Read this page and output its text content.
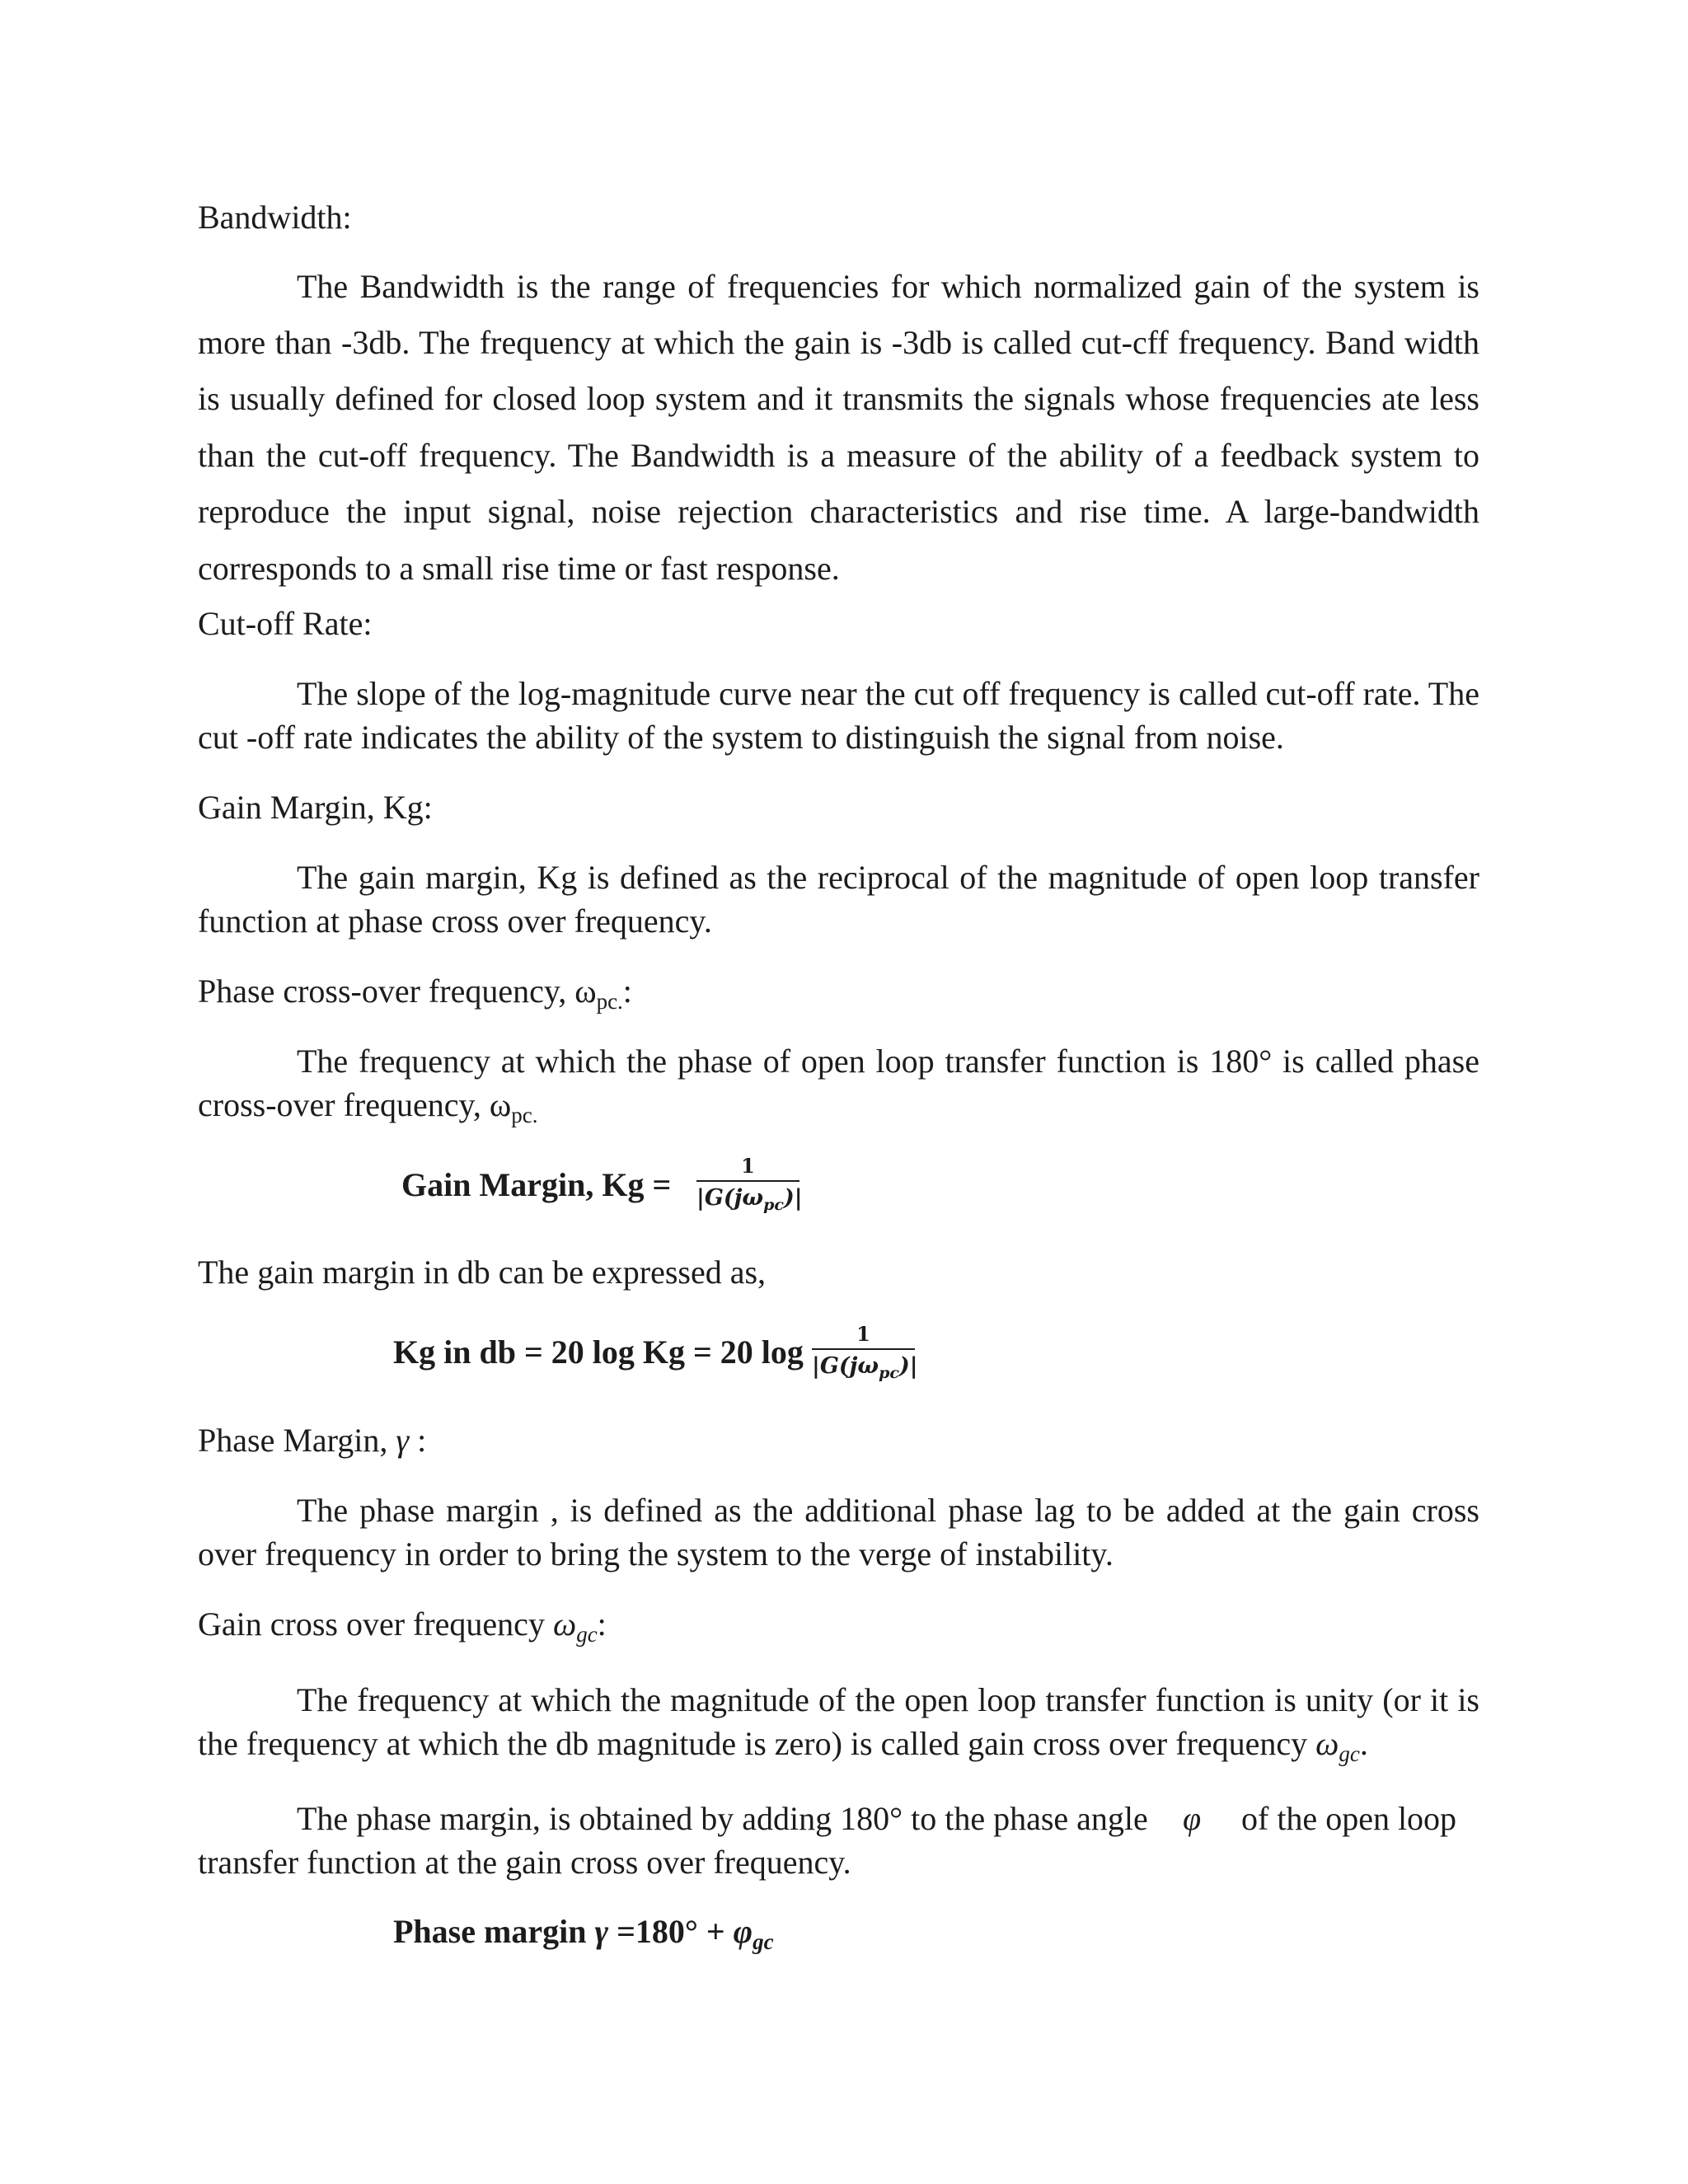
Bandwidth:
The Bandwidth is the range of frequencies for which normalized gain of the system is
more than -3db. The frequency at which the gain is -3db is called cut-cff frequency. Band width
is usually defined for closed loop system and it transmits the signals whose frequencies ate less
than the cut-off frequency. The Bandwidth is a measure of the ability of a feedback system to
reproduce the input signal, noise rejection characteristics and rise time. A large-bandwidth
corresponds to a small rise time or fast response.
Cut-off Rate:
The slope of the log-magnitude curve near the cut off frequency is called cut-off rate. The
cut -off rate indicates the ability of the system to distinguish the signal from noise.
Gain Margin, Kg:
The gain margin, Kg is defined as the reciprocal of the magnitude of open loop transfer
function at phase cross over frequency.
Phase cross-over frequency, $\omega_{pc.}$:
The frequency at which the phase of open loop transfer function is 180° is called phase
cross-over frequency, $\omega_{pc.}$
Gain Margin, Kg =
1
$|G(j\omega_{pc})|$
The gain margin in db can be expressed as,
Kg in db = 20 log Kg = 20 log	1
$|G(j\omega_{pc})|$
Phase Margin, γ :
The phase margin , is defined as the additional phase lag to be added at the gain cross
over frequency in order to bring the system to the verge of instability.
Gain cross over frequency $\omega_{gc}$:
The frequency at which the magnitude of the open loop transfer function is unity (or it is
the frequency at which the db magnitude is zero) is called gain cross over frequency $\omega_{gc}$.
The phase margin, is obtained by adding 180° to the phase angle φ of the open loop
transfer function at the gain cross over frequency.
Phase margin $\gamma =180^\circ + \varphi_{gc}$
